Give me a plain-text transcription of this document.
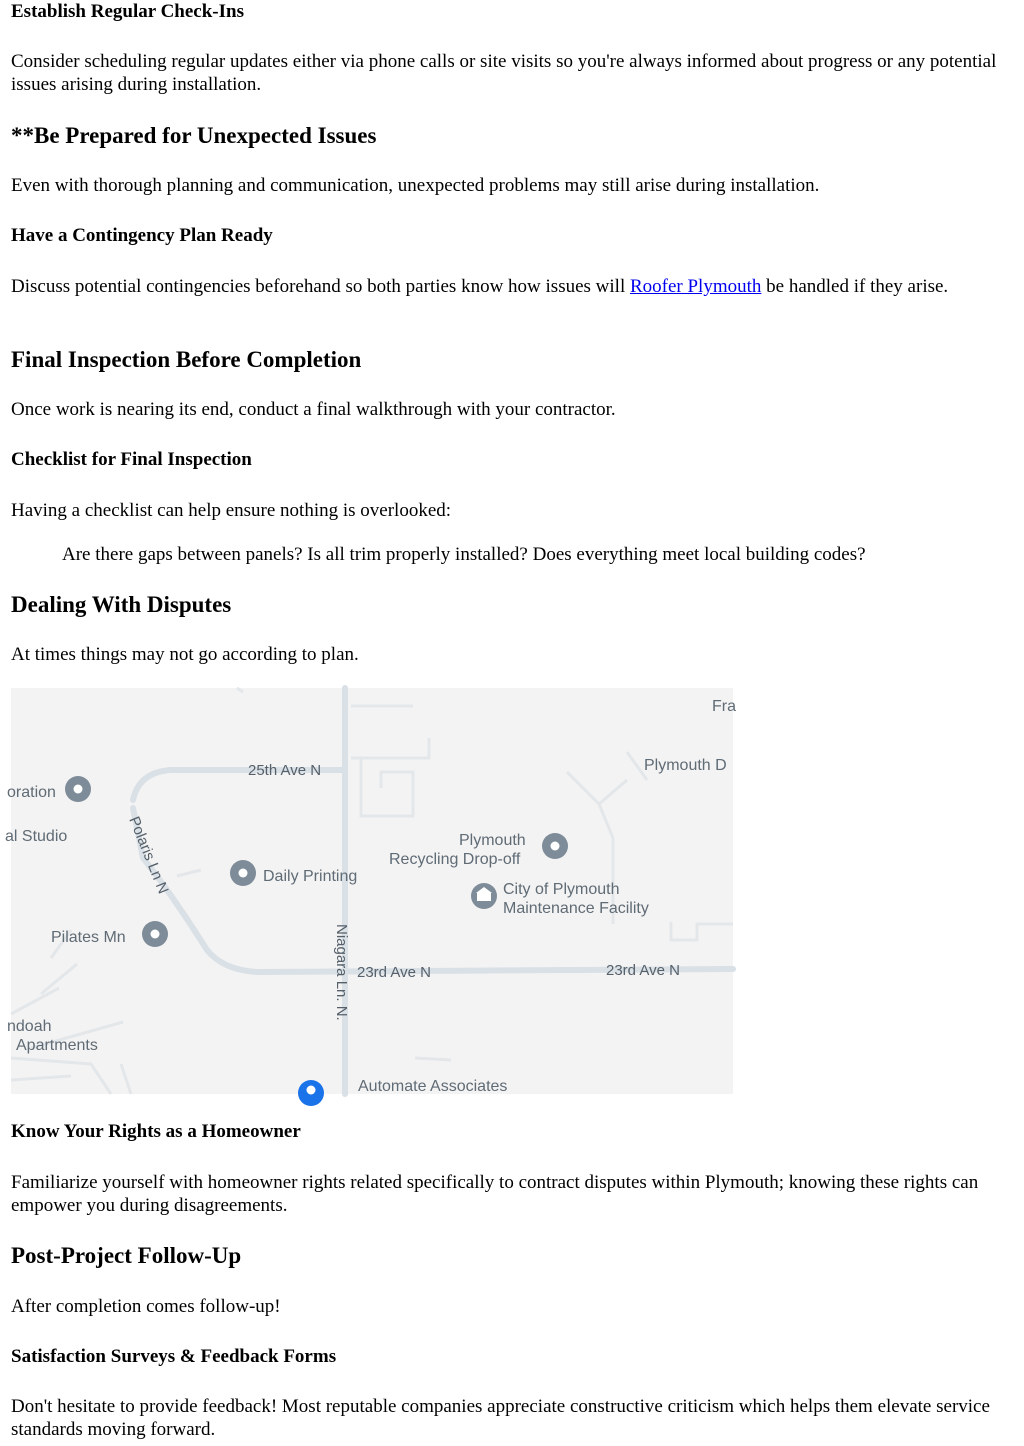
Establish Regular Check-Ins

Consider scheduling regular updates either via phone calls or site visits so you're always informed about progress or any potential issues arising during installation.

**Be Prepared for Unexpected Issues

Even with thorough planning and communication, unexpected problems may still arise during installation.

Have a Contingency Plan Ready

Discuss potential contingencies beforehand so both parties know how issues will Roofer Plymouth be handled if they arise.

Final Inspection Before Completion

Once work is nearing its end, conduct a final walkthrough with your contractor.

Checklist for Final Inspection

Having a checklist can help ensure nothing is overlooked:

Are there gaps between panels? Is all trim properly installed? Does everything meet local building codes?

Dealing With Disputes

At times things may not go according to plan.

Fra
Plymouth D
25th Ave N
oration
al Studio	Polaris Ln N	Plymouth
Recycling Drop-off
Daily Printing
City of Plymouth
Maintenance Facility
Pilates Mn	Niagara Ln. N. 23rd Ave N	23rd Ave N
ndoah
Apartments
Automate Associates
Know Your Rights as a Homeowner

Familiarize yourself with homeowner rights related specifically to contract disputes within Plymouth; knowing these rights can empower you during disagreements.

Post-Project Follow-Up

After completion comes follow-up!

Satisfaction Surveys & Feedback Forms

Don't hesitate to provide feedback! Most reputable companies appreciate constructive criticism which helps them elevate service standards moving forward.
